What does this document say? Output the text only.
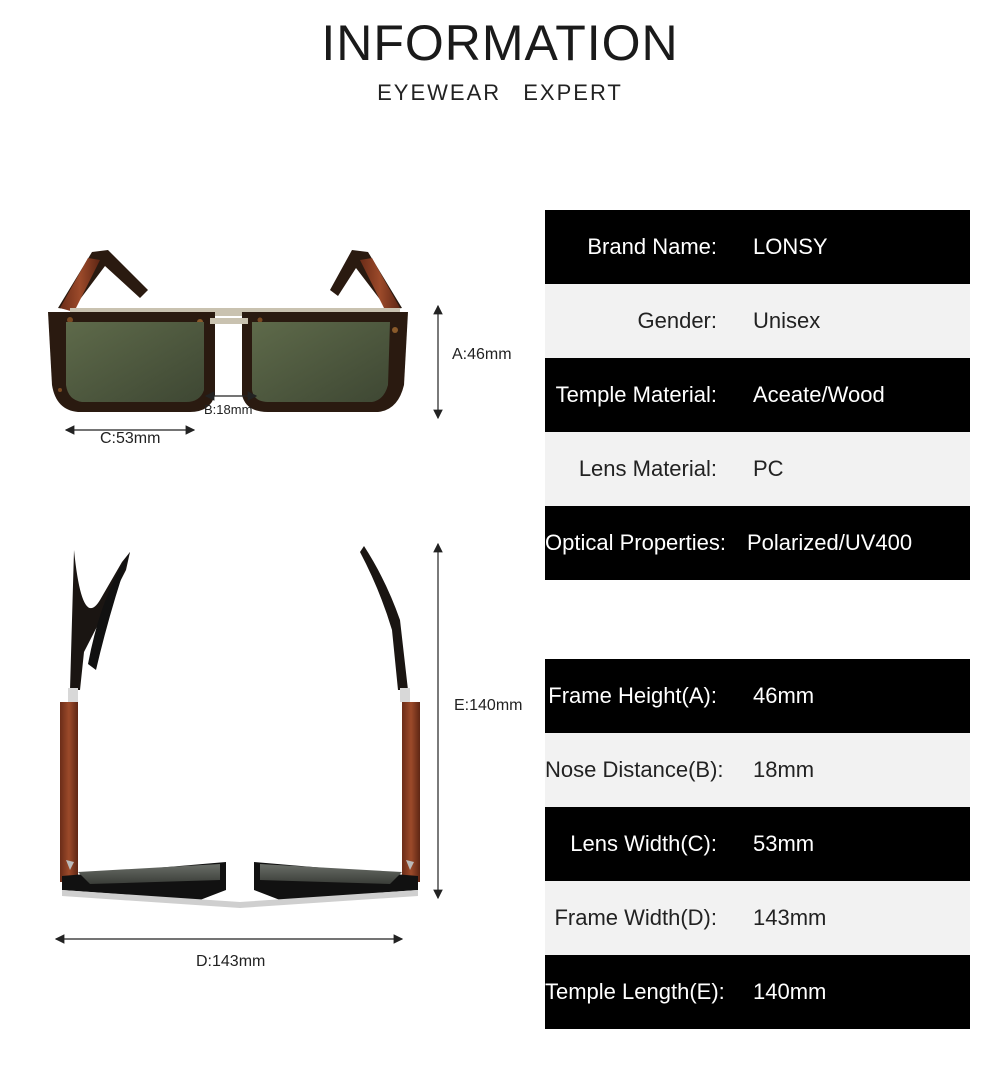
INFORMATION
EYEWEAR EXPERT
A:46mm
B:18mm
C:53mm
E:140mm
D:143mm
Brand Name:	LONSY
Gender:	Unisex
Temple Material:	Aceate/Wood
Lens Material:	PC
Optical Properties: Polarized/UV400
Frame Height(A):	46mm
Nose Distance(B):	18mm
Lens Width(C):	53mm
Frame Width(D):	143mm
Temple Length(E):	140mm
